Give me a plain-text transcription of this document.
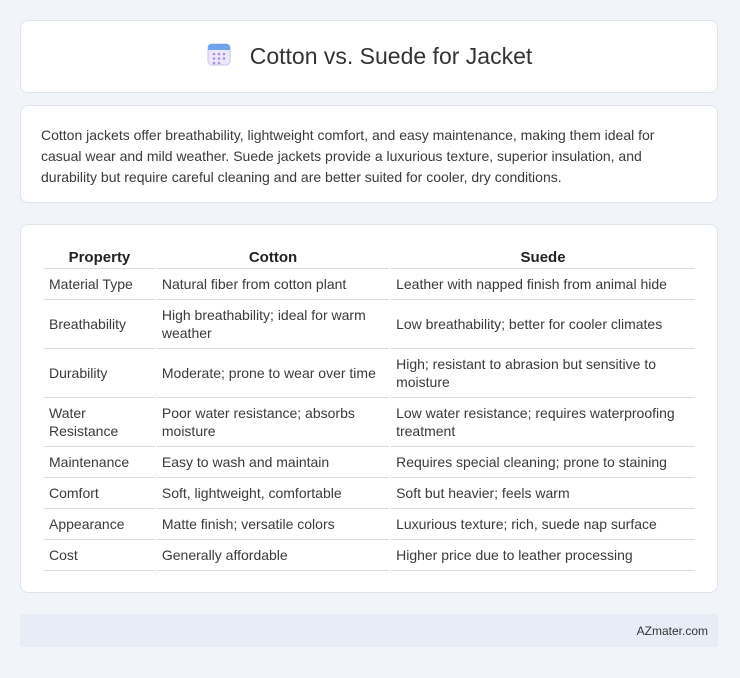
Cotton vs. Suede for Jacket

Cotton jackets offer breathability, lightweight comfort, and easy maintenance, making them ideal for casual wear and mild weather. Suede jackets provide a luxurious texture, superior insulation, and durability but require careful cleaning and are better suited for cooler, dry conditions.

Property	Cotton	Suede
Material Type	Natural fiber from cotton plant	Leather with napped finish from animal hide
Breathability	High breathability; ideal for warm weather	Low breathability; better for cooler climates
Durability	Moderate; prone to wear over time	High; resistant to abrasion but sensitive to moisture
Water Resistance	Poor water resistance; absorbs moisture	Low water resistance; requires waterproofing treatment
Maintenance	Easy to wash and maintain	Requires special cleaning; prone to staining
Comfort	Soft, lightweight, comfortable	Soft but heavier; feels warm
Appearance	Matte finish; versatile colors	Luxurious texture; rich, suede nap surface
Cost	Generally affordable	Higher price due to leather processing
AZmater.com
